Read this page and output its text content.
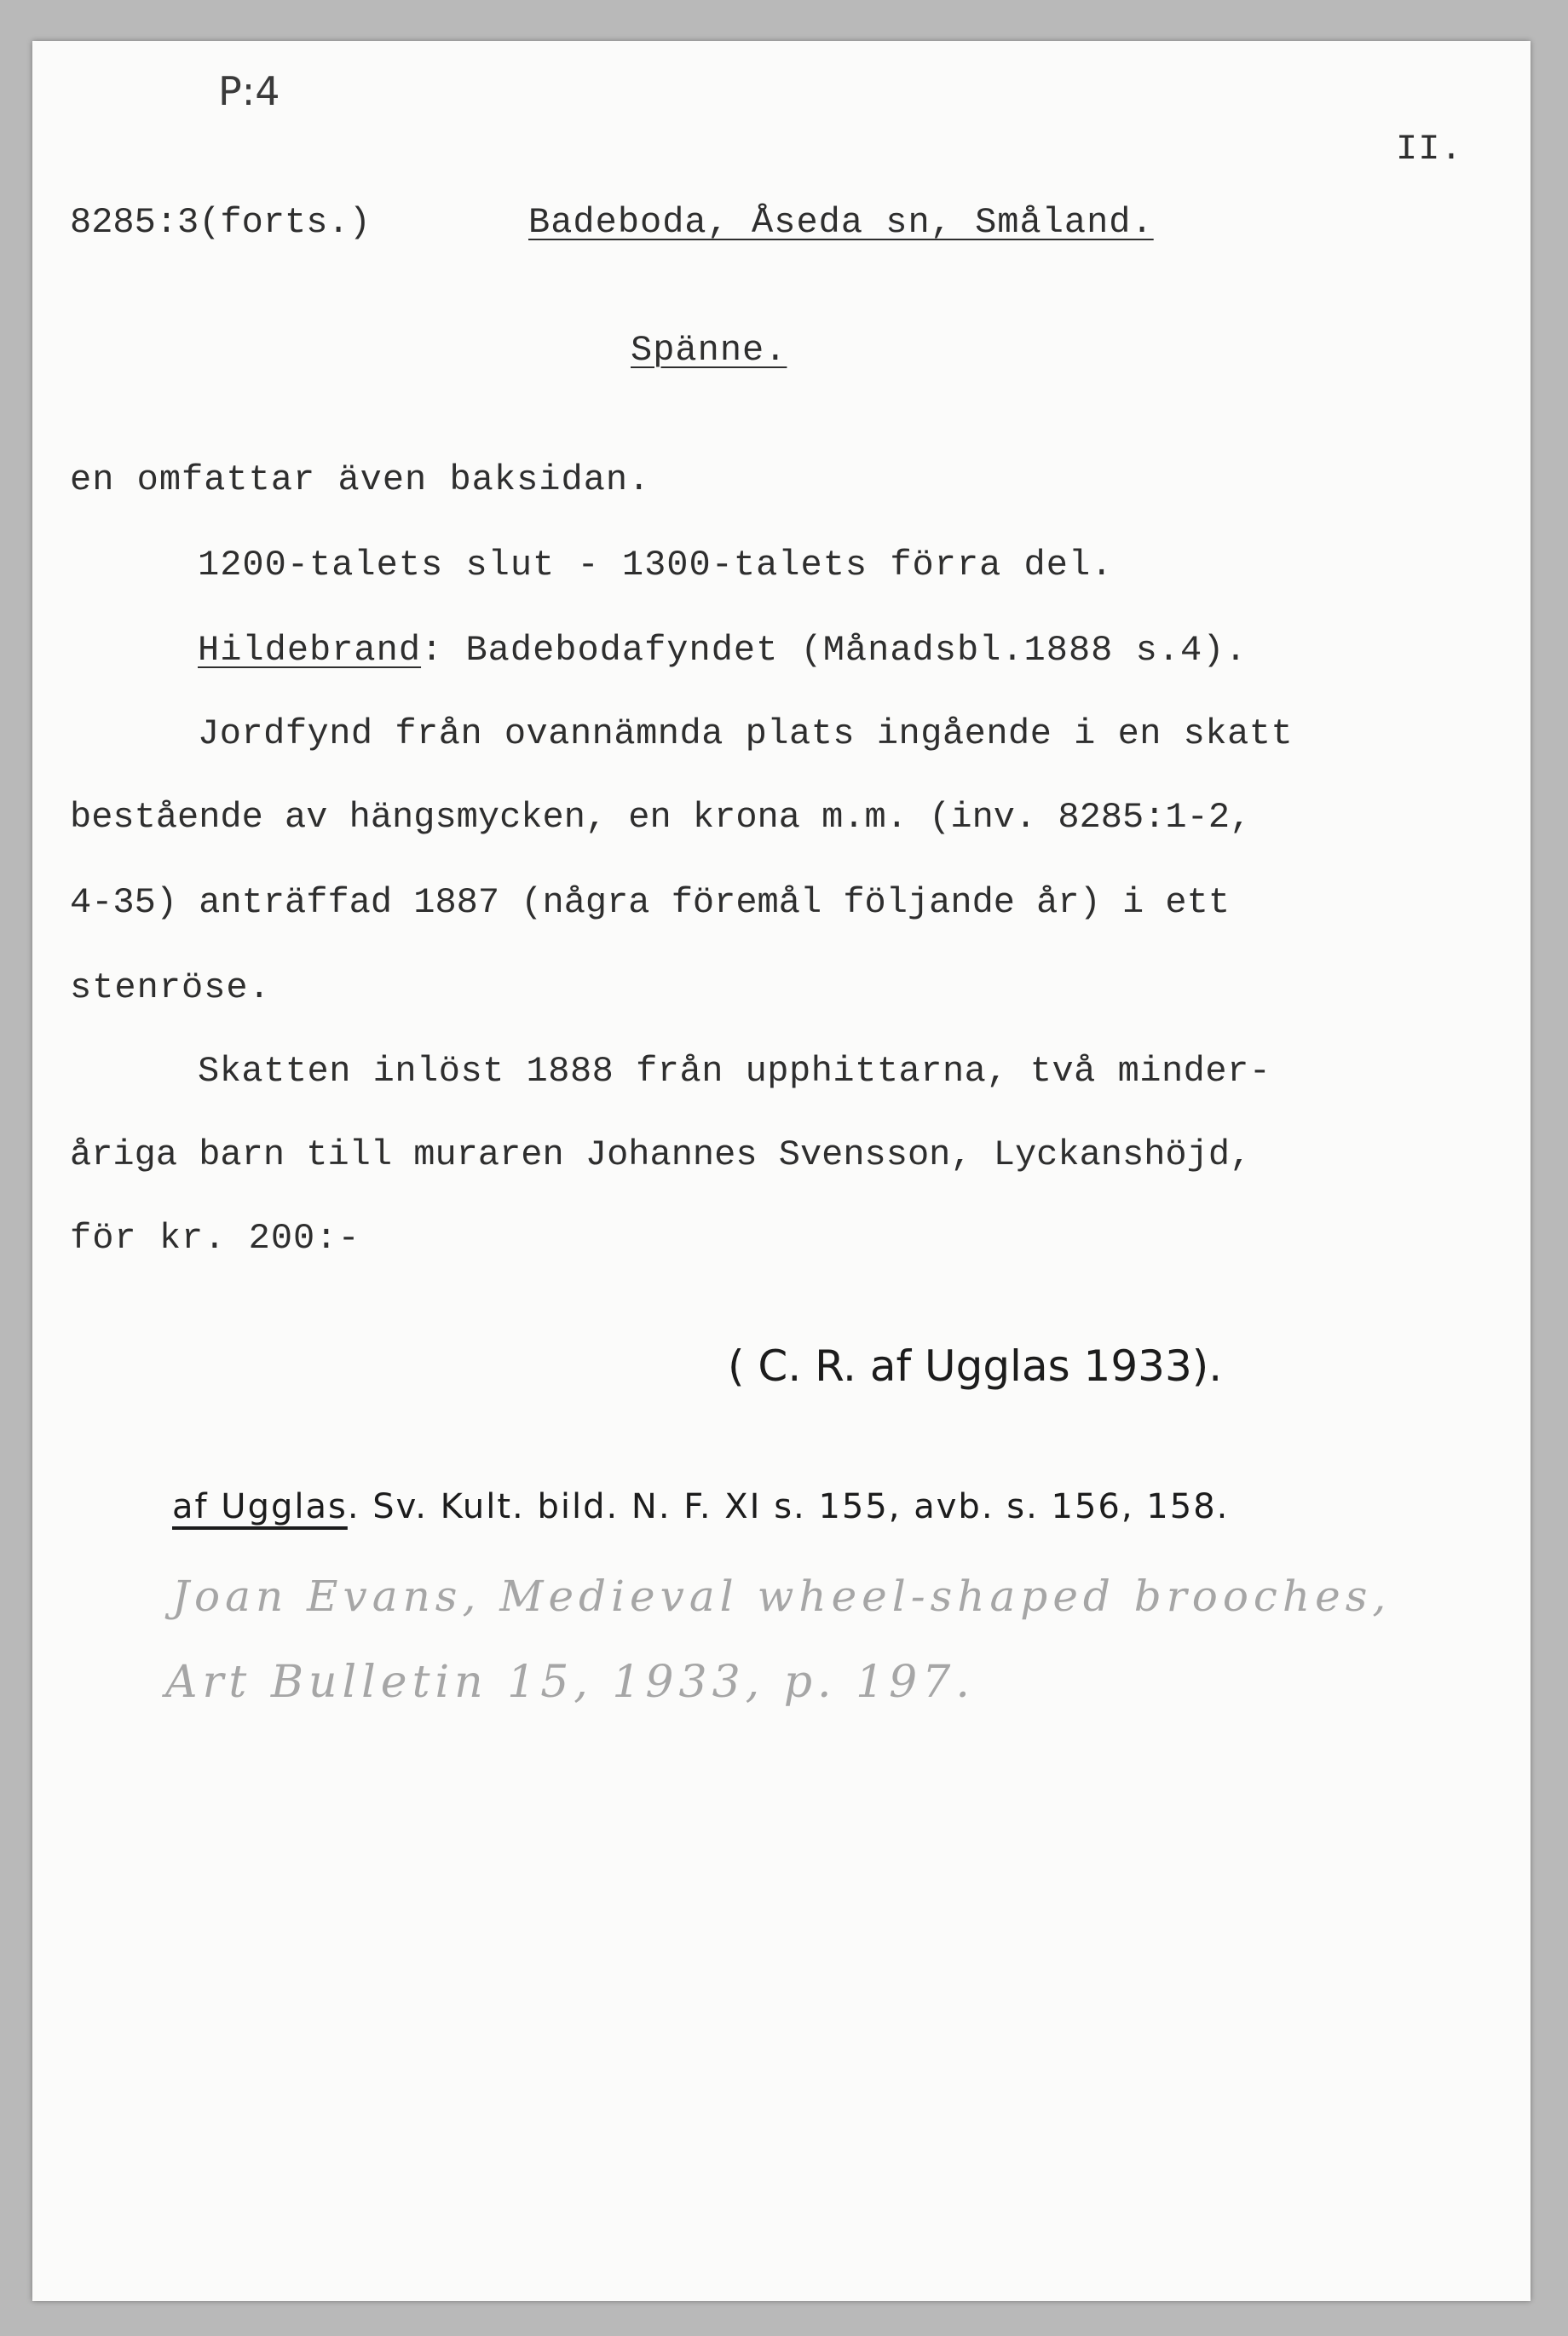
P:4
II.
8285:3(forts.)	Badeboda, Åseda sn, Småland.
Spänne.
en omfattar även baksidan.
1200-talets slut - 1300-talets förra del.
Hildebrand: Badebodafyndet (Månadsbl.1888 s.4).
Jordfynd från ovannämnda plats ingående i en skatt
bestående av hängsmycken, en krona m.m. (inv. 8285:1-2,
4-35) anträffad 1887 (några föremål följande år) i ett
stenröse.
Skatten inlöst 1888 från upphittarna, två minder-
åriga barn till muraren Johannes Svensson, Lyckanshöjd,
för kr. 200:-
( C. R. af Ugglas 1933).
af Ugglas. Sv. Kult. bild. N. F. XI s. 155, avb. s. 156, 158.
Joan Evans, Medieval wheel-shaped brooches,
Art Bulletin 15, 1933, p. 197.
